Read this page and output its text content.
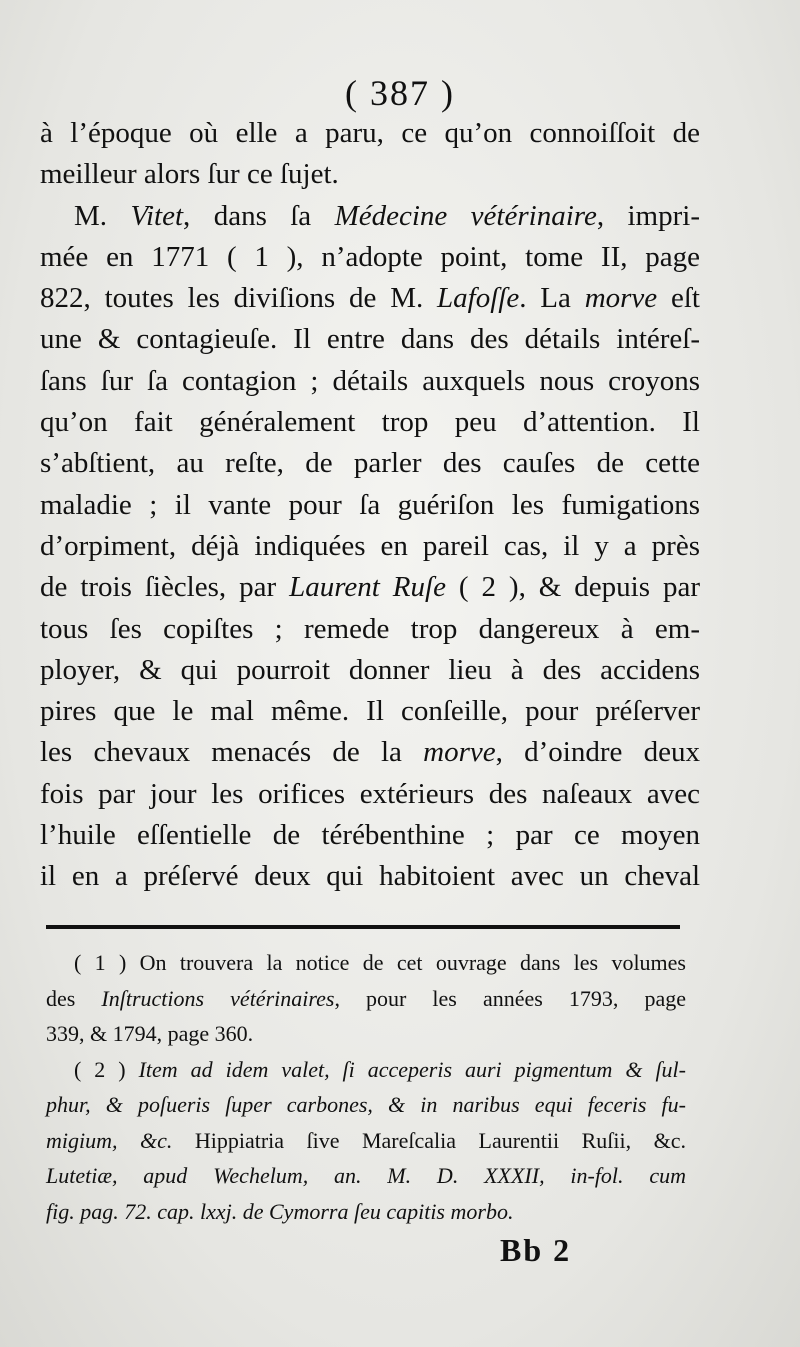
( 387 )
à l’époque où elle a paru, ce qu’on connoiſſoit de
meilleur alors ſur ce ſujet.
M. Vitet, dans ſa Médecine vétérinaire, impri-
mée en 1771 ( 1 ), n’adopte point, tome II, page
822, toutes les diviſions de M. Lafoſſe. La morve eſt
une & contagieuſe. Il entre dans des détails intéreſ-
ſans ſur ſa contagion ; détails auxquels nous croyons
qu’on fait généralement trop peu d’attention. Il
s’abſtient, au reſte, de parler des cauſes de cette
maladie ; il vante pour ſa guériſon les fumigations
d’orpiment, déjà indiquées en pareil cas, il y a près
de trois ſiècles, par Laurent Ruſe ( 2 ), & depuis par
tous ſes copiſtes ; remede trop dangereux à em-
ployer, & qui pourroit donner lieu à des accidens
pires que le mal même. Il conſeille, pour préſerver
les chevaux menacés de la morve, d’oindre deux
fois par jour les orifices extérieurs des naſeaux avec
l’huile eſſentielle de térébenthine ; par ce moyen
il en a préſervé deux qui habitoient avec un cheval
( 1 ) On trouvera la notice de cet ouvrage dans les volumes
des Inſtructions vétérinaires, pour les années 1793, page
339, & 1794, page 360.
( 2 ) Item ad idem valet, ſi acceperis auri pigmentum & ſul-
phur, & poſueris ſuper carbones, & in naribus equi feceris fu-
migium, &c. Hippiatria ſive Mareſcalia Laurentii Ruſii, &c.
Lutetiæ, apud Wechelum, an. M. D. XXXII, in-fol. cum
fig. pag. 72. cap. lxxj. de Cymorra ſeu capitis morbo.
Bb 2
